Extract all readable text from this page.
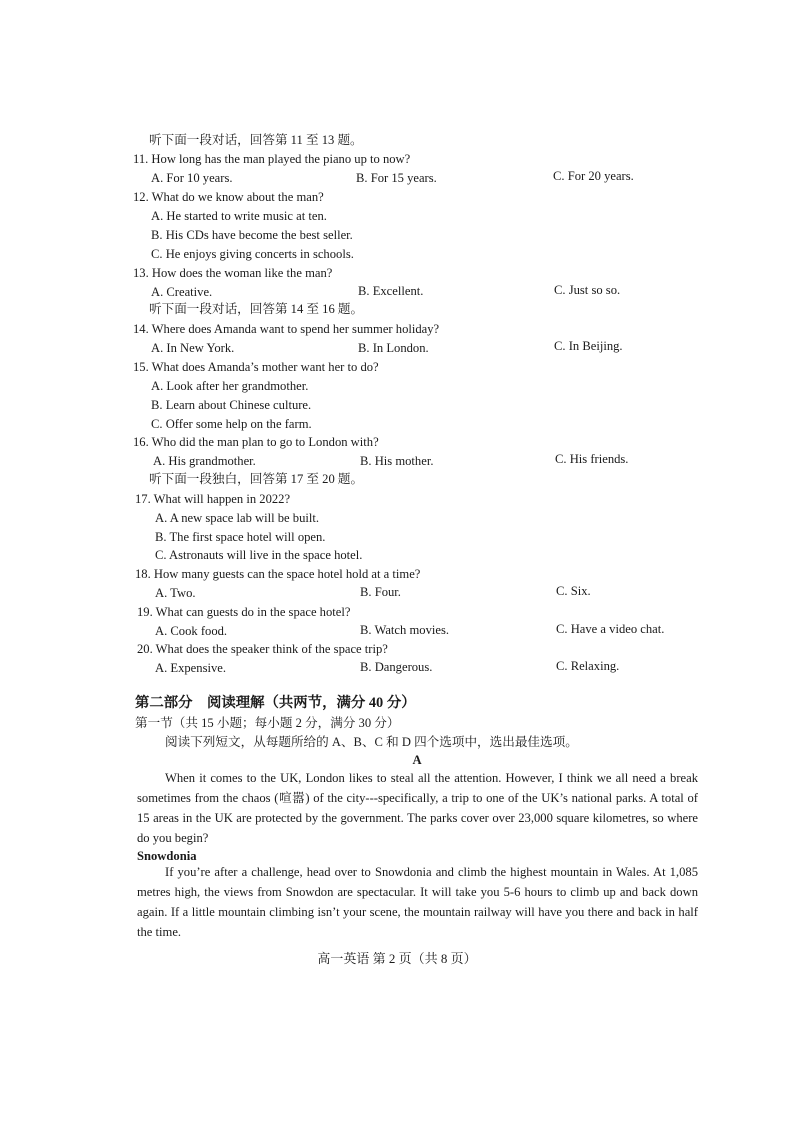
听下面一段对话，回答第 11 至 13 题。
11. How long has the man played the piano up to now?
A. For 10 years.	B. For 15 years.	C. For 20 years.
12. What do we know about the man?
A. He started to write music at ten.
B. His CDs have become the best seller.
C. He enjoys giving concerts in schools.
13. How does the woman like the man?
A. Creative.	B. Excellent.	C. Just so so.
听下面一段对话，回答第 14 至 16 题。
14. Where does Amanda want to spend her summer holiday?
A. In New York.	B. In London.	C. In Beijing.
15. What does Amanda’s mother want her to do?
A. Look after her grandmother.
B. Learn about Chinese culture.
C. Offer some help on the farm.
16. Who did the man plan to go to London with?
A. His grandmother.	B. His mother.	C. His friends.
听下面一段独白，回答第 17 至 20 题。
17. What will happen in 2022?
A. A new space lab will be built.
B. The first space hotel will open.
C. Astronauts will live in the space hotel.
18. How many guests can the space hotel hold at a time?
A. Two.	B. Four.	C. Six.
19. What can guests do in the space hotel?
A. Cook food.	B. Watch movies.	C. Have a video chat.
20. What does the speaker think of the space trip?
A. Expensive.	B. Dangerous.	C. Relaxing.
第二部分　阅读理解（共两节，满分 40 分）
第一节（共 15 小题；每小题 2 分，满分 30 分）
阅读下列短文，从每题所给的 A、B、C 和 D 四个选项中，选出最佳选项。
A
When it comes to the UK, London likes to steal all the attention. However, I think we all need a break sometimes from the chaos (喧嚣) of the city---specifically, a trip to one of the UK’s national parks. A total of 15 areas in the UK are protected by the government. The parks cover over 23,000 square kilometres, so where do you begin?
Snowdonia
If you’re after a challenge, head over to Snowdonia and climb the highest mountain in Wales. At 1,085 metres high, the views from Snowdon are spectacular. It will take you 5-6 hours to climb up and back down again. If a little mountain climbing isn’t your scene, the mountain railway will have you there and back in half the time.
高一英语 第 2 页（共 8 页）
